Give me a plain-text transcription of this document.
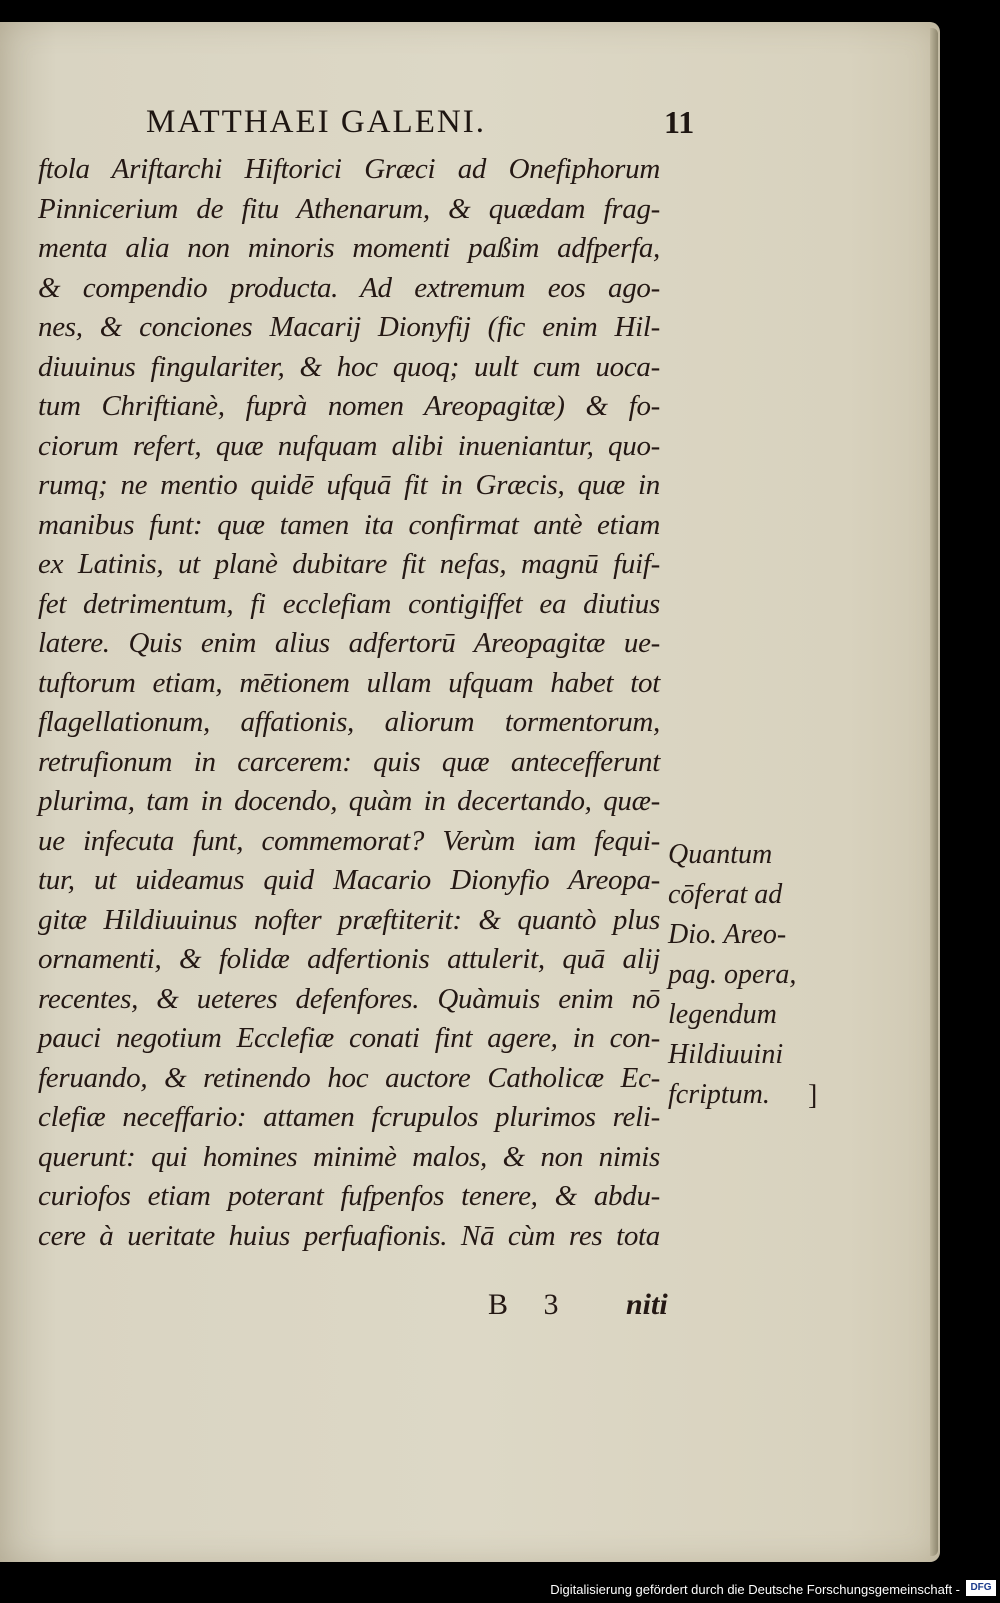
MATTHAEI GALENI.	11
ftola Ariftarchi Hiftorici Græci ad Onefiphorum
Pinnicerium de fitu Athenarum, & quædam frag-
menta alia non minoris momenti paßim adfperfa,
& compendio producta. Ad extremum eos ago-
nes, & conciones Macarij Dionyfij (fic enim Hil-
diuuinus fingulariter, & hoc quoq; uult cum uoca-
tum Chriftianè, fuprà nomen Areopagitæ) & fo-
ciorum refert, quæ nufquam alibi inueniantur, quo-
rumq; ne mentio quidē ufquā fit in Græcis, quæ in
manibus funt: quæ tamen ita confirmat antè etiam
ex Latinis, ut planè dubitare fit nefas, magnū fuif-
fet detrimentum, fi ecclefiam contigiffet ea diutius
latere. Quis enim alius adfertorū Areopagitæ ue-
tuftorum etiam, mētionem ullam ufquam habet tot
flagellationum, affationis, aliorum tormentorum,
retrufionum in carcerem: quis quæ antecefferunt
plurima, tam in docendo, quàm in decertando, quæ-
ue infecuta funt, commemorat? Verùm iam fequi-
tur, ut uideamus quid Macario Dionyfio Areopa-
gitæ Hildiuuinus nofter præftiterit: & quantò plus
ornamenti, & folidæ adfertionis attulerit, quā alij
recentes, & ueteres defenfores. Quàmuis enim nō
pauci negotium Ecclefiæ conati fint agere, in con-
feruando, & retinendo hoc auctore Catholicæ Ec-
clefiæ neceffario: attamen fcrupulos plurimos reli-
querunt: qui homines minimè malos, & non nimis
curiofos etiam poterant fufpenfos tenere, & abdu-
cere à ueritate huius perfuafionis. Nā cùm res tota
Quantum
cōferat ad
Dio. Areo-
pag. opera,
legendum
Hildiuuini
fcriptum.	]
B 3 niti
Digitalisierung gefördert durch die Deutsche Forschungsgemeinschaft -	DFG
